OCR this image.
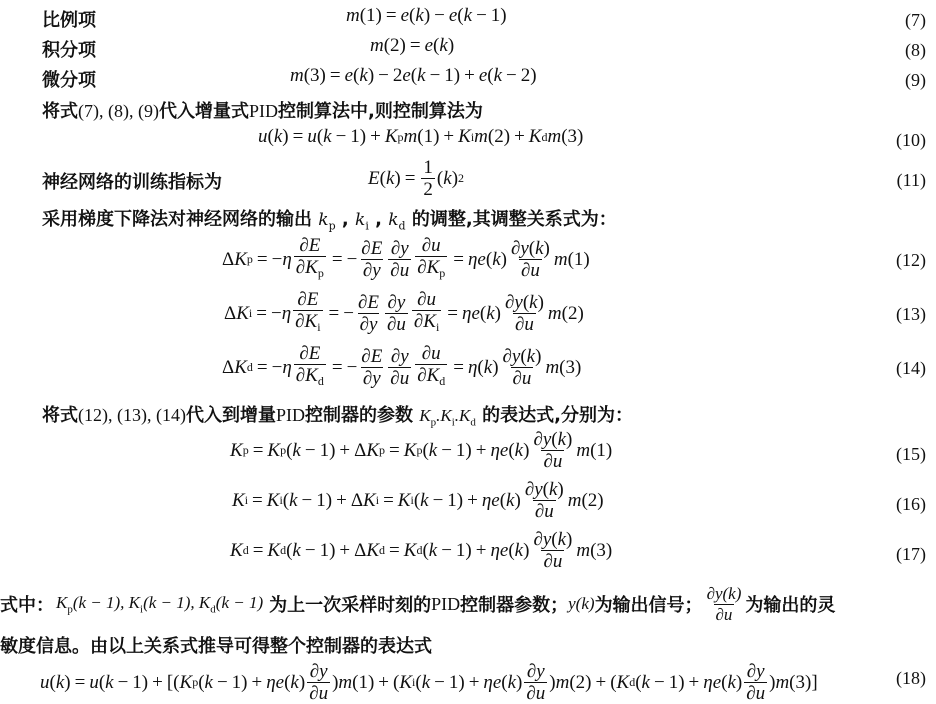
比例项	m (1) = e ( k ) − e ( k − 1)	(7)
积分项	m (2) = e ( k )	(8)
微分项	m (3) = e ( k ) − 2 e ( k − 1) + e ( k − 2)	(9)
将式(7), (8), (9)代入增量式PID控制算法中,则控制算法为
u ( k ) = u ( k − 1) + K p m (1) + K i m (2) + K d m (3)	(10)
神经网络的训练指标为	E ( k ) = $\frac{1}{2}$ ( k ) 2	(11)
采用梯度下降法对神经网络的输出 $k_p$ , $k_i$ , $k_d$ 的调整,其调整关系式为：
Δ K p = − η $\frac{\partial E}{\partial K_p}$ = − $\frac{\partial E}{\partial y} \frac{\partial y}{\partial u} \frac{\partial u}{\partial K_p} = \eta$ e ( k ) $\frac{\partial y(k)}{\partial u}$ m (1)	(12)
Δ K i = − η $\frac{\partial E}{\partial K_i}$ = − $\frac{\partial E}{\partial y} \frac{\partial y}{\partial u} \frac{\partial u}{\partial K_i} = \eta$ e ( k ) $\frac{\partial y(k)}{\partial u}$ m (2)	(13)
Δ K d = − η $\frac{\partial E}{\partial K_d}$ = − $\frac{\partial E}{\partial y} \frac{\partial y}{\partial u} \frac{\partial u}{\partial K_d} = \eta$ ( k ) $\frac{\partial y(k)}{\partial u}$ m (3)	(14)
将式(12), (13), (14)代入到增量PID控制器的参数 $K_p.K_i.K_d$ 的表达式,分别为：
K p = K p ( k − 1) + Δ K p = K p ( k − 1) + η e ( k ) $\frac{\partial y(k)}{\partial u}$ m (1)	(15)
K i = K i ( k − 1) + Δ K i = K i ( k − 1) + η e ( k ) $\frac{\partial y(k)}{\partial u}$ m (2)	(16)
K d = K d ( k − 1) + Δ K d = K d ( k − 1) + η e ( k ) $\frac{\partial y(k)}{\partial u}$ m (3)	(17)
式中： $K_p(k - 1)$, $K_i(k - 1)$, $K_d(k - 1)$ 为上一次采样时刻的 PID 控制器参数； y(k) 为输出信号； $\frac{\partial y(k)}{\partial u}$ 为输出的灵
敏度信息。由以上关系式推导可得整个控制器的表达式
u ( k ) = u ( k − 1) + [( K p ( k − 1) + η e ( k ) $\frac{\partial y}{\partial u}$ ) m (1) + ( K i ( k − 1) + η e ( k ) $\frac{\partial y}{\partial u}$ ) m (2) + ( K d ( k − 1) + η e ( k ) $\frac{\partial y}{\partial u}$ ) m (3)]	(18)
